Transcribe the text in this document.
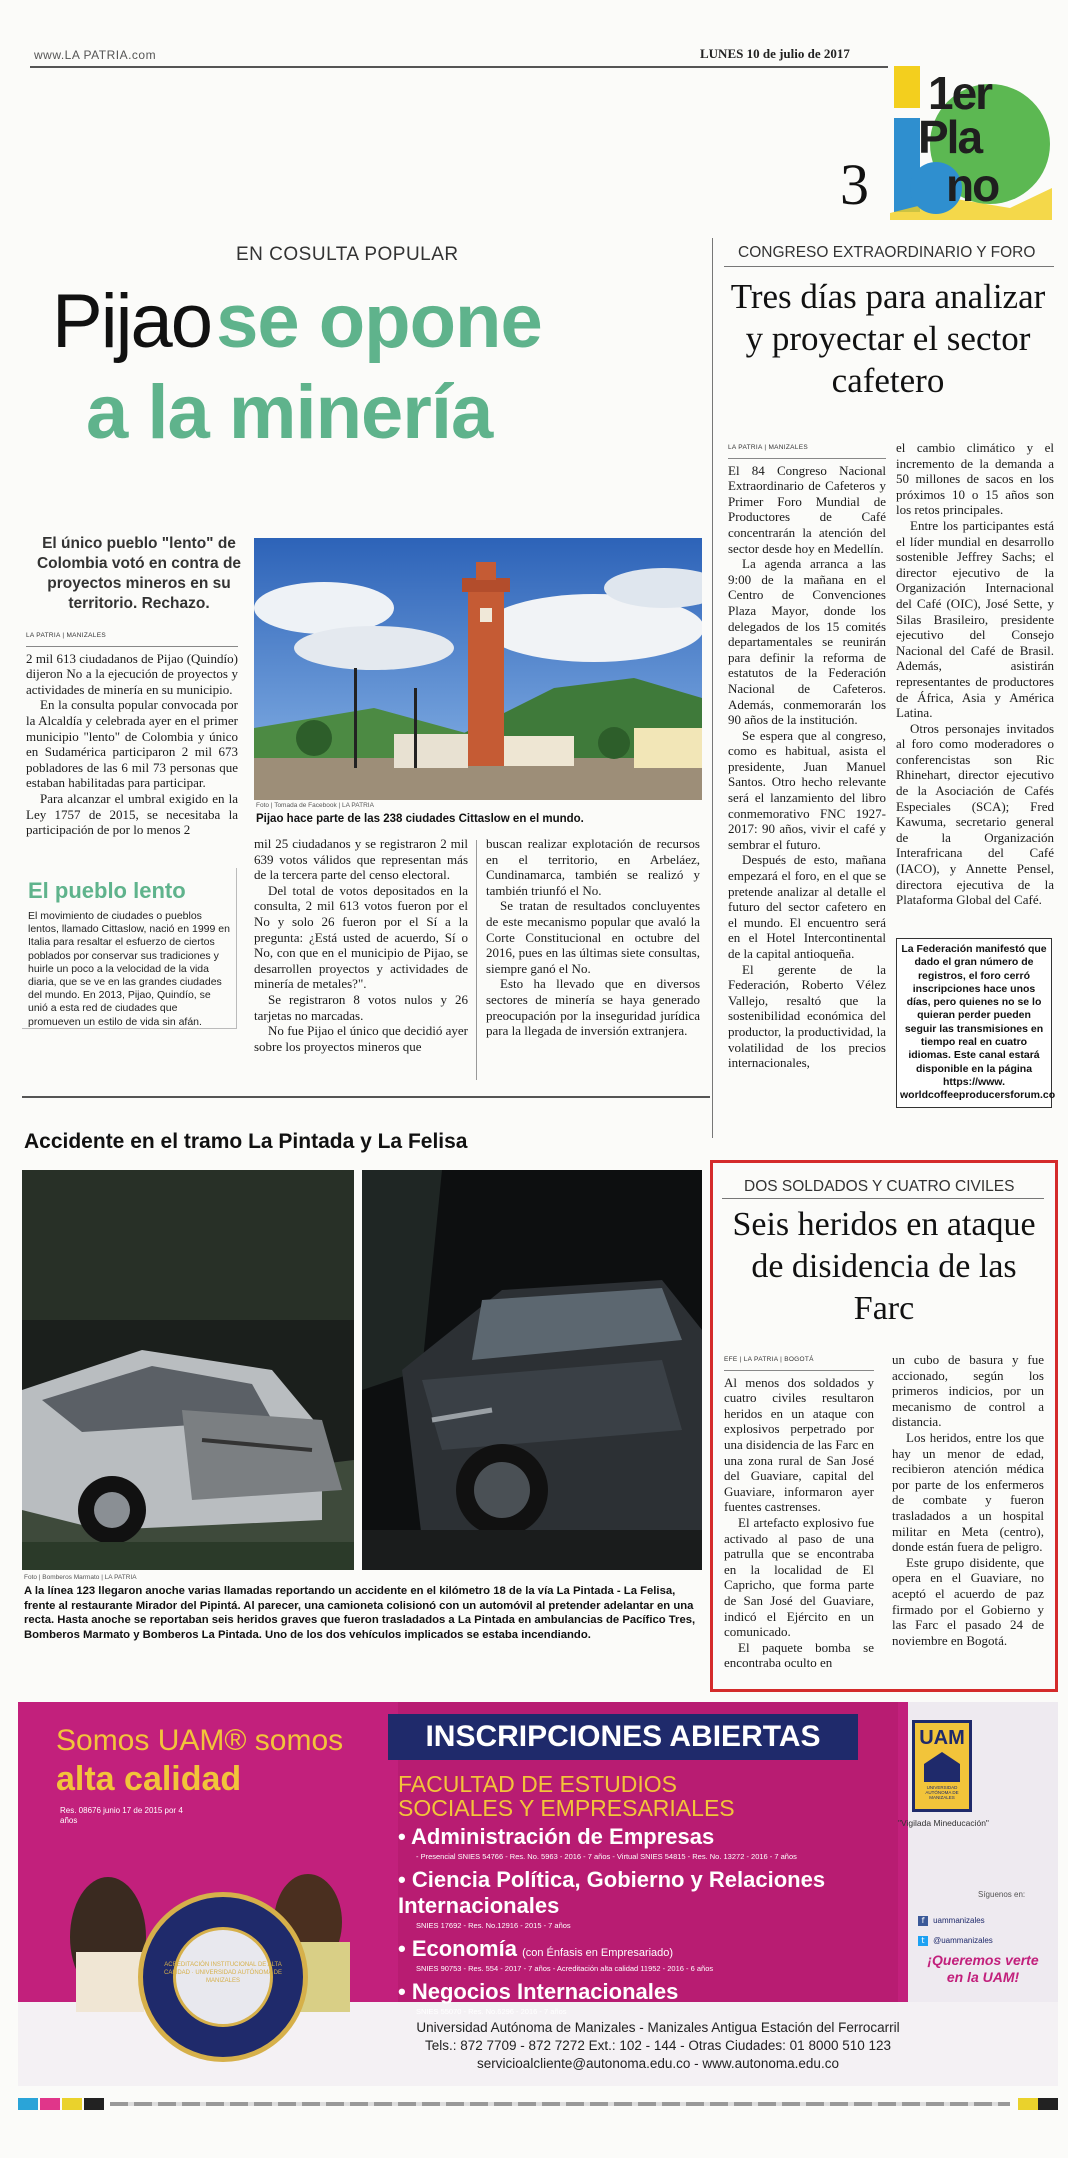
www.LA PATRIA.com	LUNES 10 de julio de 2017
3
1er
Pla
no
EN COSULTA POPULAR
Pijao se opone
a la minería
El único pueblo "lento" de Colombia votó en contra de proyectos mineros en su territorio. Rechazo.
LA PATRIA | MANIZALES

2 mil 613 ciudadanos de Pijao (Quindío) dijeron No a la ejecución de proyectos y actividades de minería en su municipio.

En la consulta popular convocada por la Alcaldía y celebrada ayer en el primer municipio "lento" de Colombia y único en Sudamérica participaron 2 mil 673 pobladores de las 6 mil 73 personas que estaban habilitadas para participar.

Para alcanzar el umbral exigido en la Ley 1757 de 2015, se necesitaba la participación de por lo menos 2

El pueblo lento
El movimiento de ciudades o pueblos lentos, llamado Cittaslow, nació en 1999 en Italia para resaltar el esfuerzo de ciertos poblados por conservar sus tradiciones y huirle un poco a la velocidad de la vida diaria, que se ve en las grandes ciudades del mundo. En 2013, Pijao, Quindío, se unió a esta red de ciudades que promueven un estilo de vida sin afán.
Foto | Tomada de Facebook | LA PATRIA
Pijao hace parte de las 238 ciudades Cittaslow en el mundo.

mil 25 ciudadanos y se registraron 2 mil 639 votos válidos que representan más de la tercera parte del censo electoral.

Del total de votos depositados en la consulta, 2 mil 613 votos fueron por el No y solo 26 fueron por el Sí a la pregunta: ¿Está usted de acuerdo, Sí o No, con que en el municipio de Pijao, se desarrollen proyectos y actividades de minería de metales?".

Se registraron 8 votos nulos y 26 tarjetas no marcadas.

No fue Pijao el único que decidió ayer sobre los proyectos mineros que

buscan realizar explotación de recursos en el territorio, en Arbeláez, Cundinamarca, también se realizó y también triunfó el No.

Se tratan de resultados concluyentes de este mecanismo popular que avaló la Corte Constitucional en octubre del 2016, pues en las últimas siete consultas, siempre ganó el No.

Esto ha llevado que en diversos sectores de minería se haya generado preocupación por la inseguridad jurídica para la llegada de inversión extranjera.

CONGRESO EXTRAORDINARIO Y FORO
Tres días para analizar y proyectar el sector cafetero
LA PATRIA | MANIZALES

El 84 Congreso Nacional Extraordinario de Cafeteros y Primer Foro Mundial de Productores de Café concentrarán la atención del sector desde hoy en Medellín.

La agenda arranca a las 9:00 de la mañana en el Centro de Convenciones Plaza Mayor, donde los delegados de los 15 comités departamentales se reunirán para definir la reforma de estatutos de la Federación Nacional de Cafeteros. Además, conmemorarán los 90 años de la institución.

Se espera que al congreso, como es habitual, asista el presidente, Juan Manuel Santos. Otro hecho relevante será el lanzamiento del libro conmemorativo FNC 1927-2017: 90 años, vivir el café y sembrar el futuro.

Después de esto, mañana empezará el foro, en el que se pretende analizar al detalle el futuro del sector cafetero en el mundo. El encuentro será en el Hotel Intercontinental de la capital antioqueña.

El gerente de la Federación, Roberto Vélez Vallejo, resaltó que la sostenibilidad económica del productor, la productividad, la volatilidad de los precios internacionales,

el cambio climático y el incremento de la demanda a 50 millones de sacos en los próximos 10 o 15 años son los retos principales.

Entre los participantes está el líder mundial en desarrollo sostenible Jeffrey Sachs; el director ejecutivo de la Organización Internacional del Café (OIC), José Sette, y Silas Brasileiro, presidente ejecutivo del Consejo Nacional del Café de Brasil. Además, asistirán representantes de productores de África, Asia y América Latina.

Otros personajes invitados al foro como moderadores o conferencistas son Ric Rhinehart, director ejecutivo de la Asociación de Cafés Especiales (SCA); Fred Kawuma, secretario general de la Organización Interafricana del Café (IACO), y Annette Pensel, directora ejecutiva de la Plataforma Global del Café.

La Federación manifestó que dado el gran número de registros, el foro cerró inscripciones hace unos días, pero quienes no se lo quieran perder pueden seguir las transmisiones en tiempo real en cuatro idiomas. Este canal estará disponible en la página https://www. worldcoffeeproducersforum.co
Accidente en el tramo La Pintada y La Felisa
Foto | Bomberos Marmato | LA PATRIA
A la línea 123 llegaron anoche varias llamadas reportando un accidente en el kilómetro 18 de la vía La Pintada - La Felisa, frente al restaurante Mirador del Pipintá. Al parecer, una camioneta colisionó con un automóvil al pretender adelantar en una recta. Hasta anoche se reportaban seis heridos graves que fueron trasladados a La Pintada en ambulancias de Pacífico Tres, Bomberos Marmato y Bomberos La Pintada. Uno de los dos vehículos implicados se estaba incendiando.
DOS SOLDADOS Y CUATRO CIVILES
Seis heridos en ataque de disidencia de las Farc
EFE | LA PATRIA | BOGOTÁ

Al menos dos soldados y cuatro civiles resultaron heridos en un ataque con explosivos perpetrado por una disidencia de las Farc en una zona rural de San José del Guaviare, capital del Guaviare, informaron ayer fuentes castrenses.

El artefacto explosivo fue activado al paso de una patrulla que se encontraba en la localidad de El Capricho, que forma parte de San José del Guaviare, indicó el Ejército en un comunicado.

El paquete bomba se encontraba oculto en

un cubo de basura y fue accionado, según los primeros indicios, por un mecanismo de control a distancia.

Los heridos, entre los que hay un menor de edad, recibieron atención médica por parte de los enfermeros de combate y fueron trasladados a un hospital militar en Meta (centro), donde están fuera de peligro.

Este grupo disidente, que opera en el Guaviare, no aceptó el acuerdo de paz firmado por el Gobierno y las Farc el pasado 24 de noviembre en Bogotá.

Somos UAM® somos
alta calidad
Res. 08676 junio 17 de 2015 por 4 años
INSCRIPCIONES ABIERTAS
FACULTAD DE ESTUDIOS
SOCIALES Y EMPRESARIALES
• Administración de Empresas
- Presencial SNIES 54766 - Res. No. 5963 - 2016 - 7 años - Virtual SNIES 54815 - Res. No. 13272 - 2016 - 7 años
• Ciencia Política, Gobierno y Relaciones Internacionales
SNIES 17692 - Res. No.12916 - 2015 - 7 años
• Economía (con Énfasis en Empresariado)
SNIES 90753 - Res. 554 - 2017 - 7 años - Acreditación alta calidad 11952 - 2016 - 6 años
• Negocios Internacionales
SNIES 55070 - Res. No.6296 - 2016 - 7 años
ACREDITACIÓN INSTITUCIONAL DE ALTA CALIDAD · UNIVERSIDAD AUTÓNOMA DE MANIZALES
UAM
UNIVERSIDAD AUTÓNOMA DE MANIZALES
"Vigilada Mineducación"
Síguenos en:
f uammanizales
t @uammanizales
¡Queremos verte en la UAM!
Universidad Autónoma de Manizales - Manizales Antigua Estación del Ferrocarril
Tels.: 872 7709 - 872 7272 Ext.: 102 - 144 - Otras Ciudades: 01 8000 510 123
servicioalcliente@autonoma.edu.co - www.autonoma.edu.co
